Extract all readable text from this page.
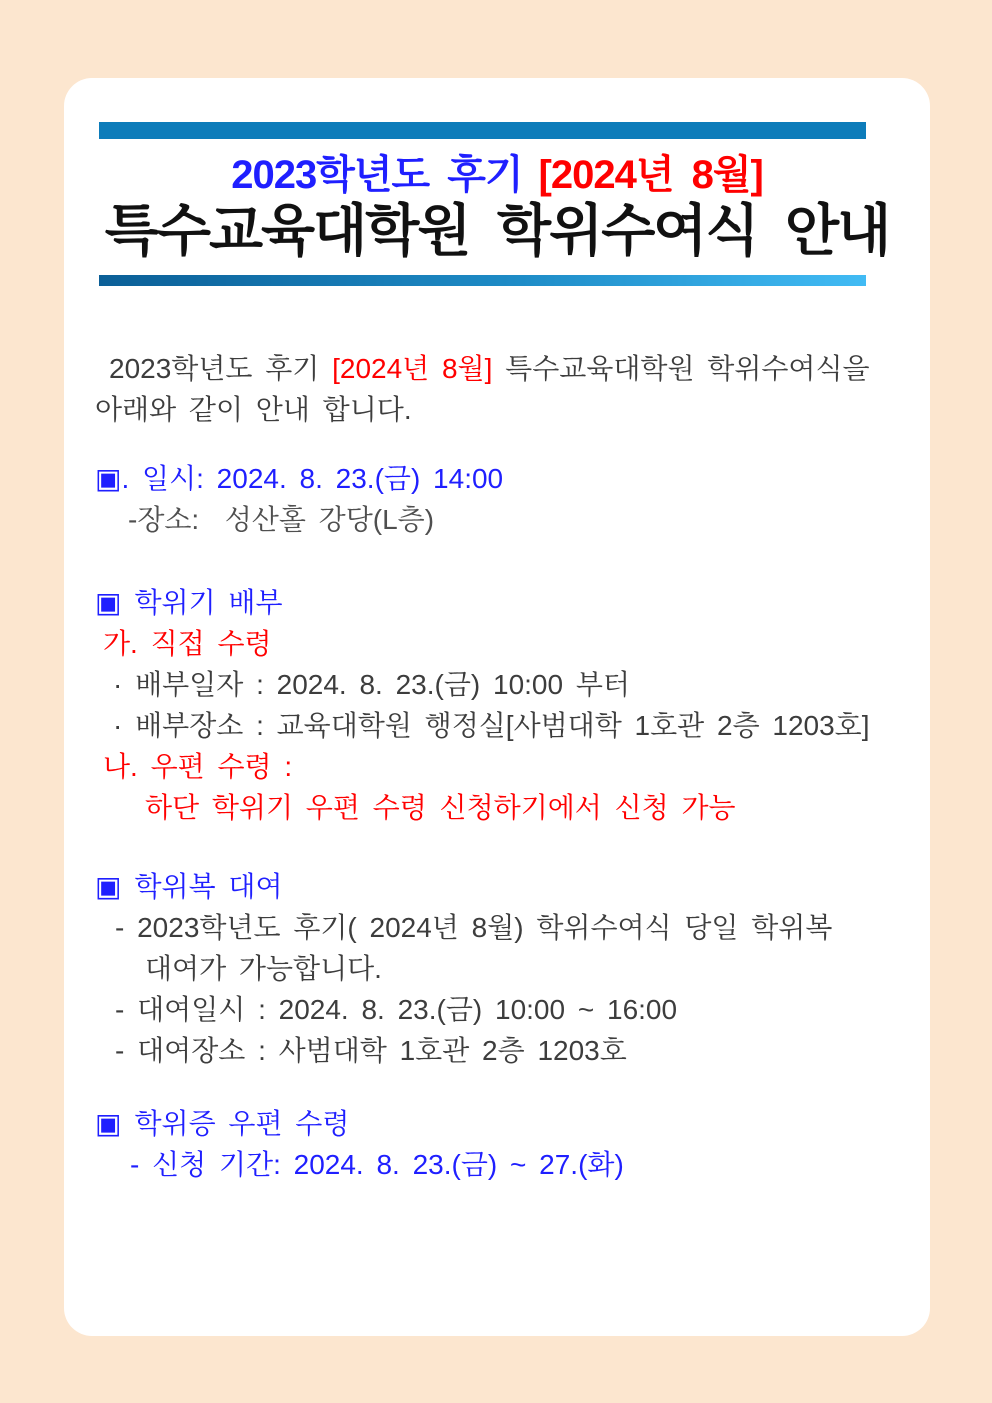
2023학년도 후기 [2024년 8월]
특수교육대학원 학위수여식 안내

2023학년도 후기 [2024년 8월] 특수교육대학원 학위수여식을

아래와 같이 안내 합니다.

▣. 일시: 2024. 8. 23.(금) 14:00

-장소:  성산홀 강당(L층)

▣ 학위기 배부

가. 직접 수령

· 배부일자 : 2024. 8. 23.(금) 10:00 부터

· 배부장소 : 교육대학원 행정실[사범대학 1호관 2층 1203호]

나. 우편 수령 :

하단 학위기 우편 수령 신청하기에서 신청 가능

▣ 학위복 대여

- 2023학년도 후기( 2024년 8월) 학위수여식 당일 학위복

대여가 가능합니다.

- 대여일시 : 2024. 8. 23.(금) 10:00 ~ 16:00

- 대여장소 : 사범대학 1호관 2층 1203호

▣ 학위증 우편 수령

- 신청 기간: 2024. 8. 23.(금) ~ 27.(화)
